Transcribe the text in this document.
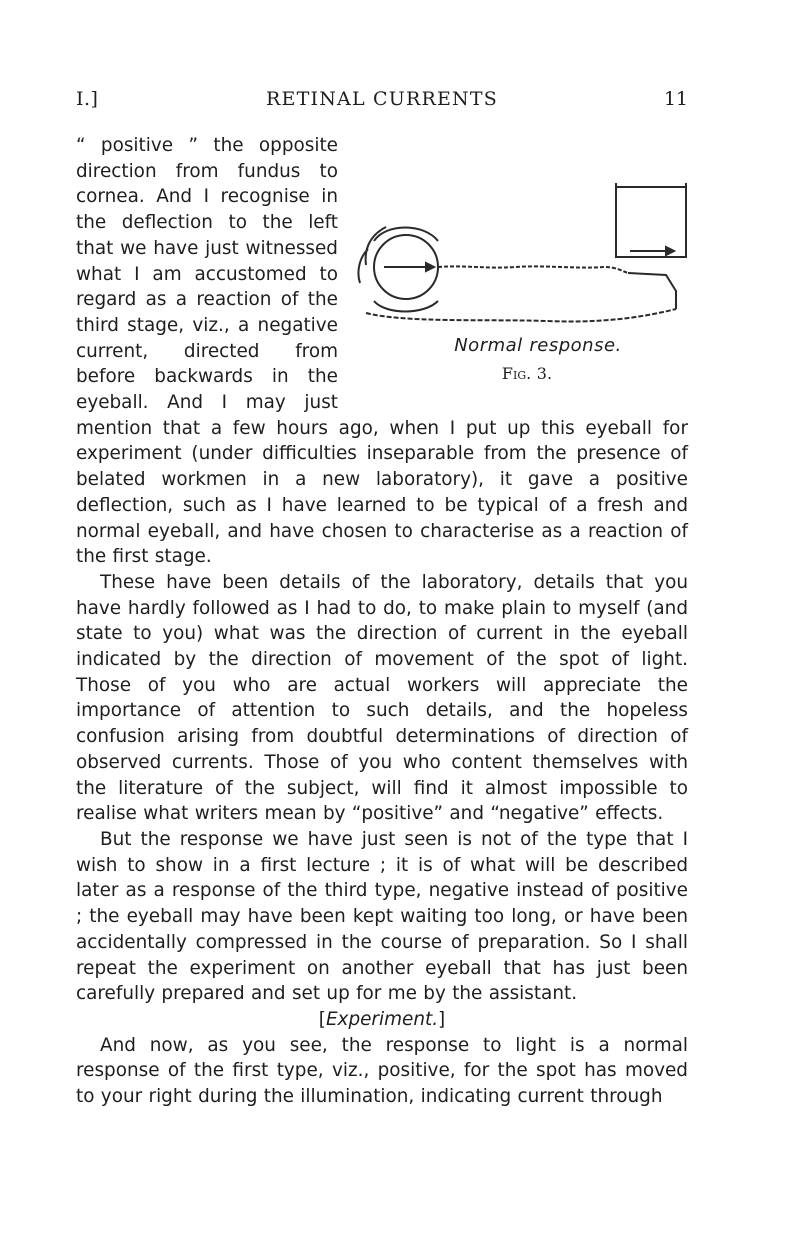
I.]	RETINAL CURRENTS	11

Normal response.
Fig. 3.
“ positive ” the opposite direction from fundus to cornea. And I recognise in the deflection to the left that we have just witnessed what I am accustomed to regard as a reaction of the third stage, viz., a negative current, directed from before backwards in the eyeball. And I may just mention that a few hours ago, when I put up this eyeball for experiment (under difficulties inseparable from the presence of belated workmen in a new laboratory), it gave a positive deflection, such as I have learned to be typical of a fresh and normal eyeball, and have chosen to characterise as a reaction of the first stage.

These have been details of the laboratory, details that you have hardly followed as I had to do, to make plain to myself (and state to you) what was the direction of current in the eyeball indicated by the direction of movement of the spot of light. Those of you who are actual workers will appreciate the importance of attention to such details, and the hopeless confusion arising from doubtful determinations of direction of observed currents. Those of you who content themselves with the literature of the subject, will find it almost impossible to realise what writers mean by “positive” and “negative” effects.

But the response we have just seen is not of the type that I wish to show in a first lecture ; it is of what will be described later as a response of the third type, negative instead of positive ; the eyeball may have been kept waiting too long, or have been accidentally compressed in the course of preparation. So I shall repeat the experiment on another eyeball that has just been carefully prepared and set up for me by the assistant.

[Experiment.]

And now, as you see, the response to light is a normal response of the first type, viz., positive, for the spot has moved to your right during the illumination, indicating current through
